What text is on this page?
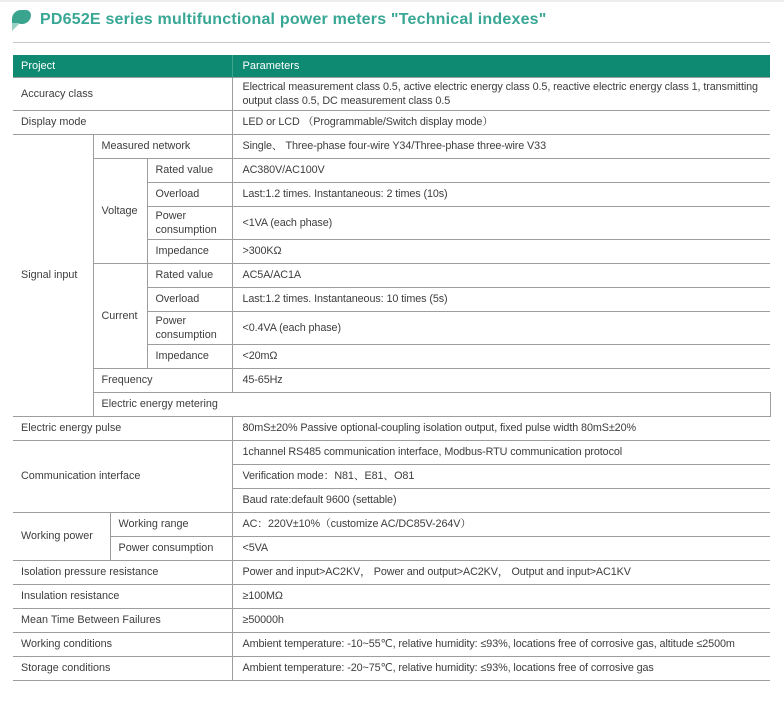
PD652E series multifunctional power meters "Technical indexes"
Project				Parameters	
Accuracy class				Electrical measurement class 0.5, active electric energy class 0.5, reactive electric energy class 1, transmitting output class 0.5, DC measurement class 0.5	
Display mode				LED or LCD （Programmable/Switch display mode）	
Signal input	Measured network			Single、 Three-phase four-wire Y34/Three-phase three-wire V33	
	Voltage		Rated value	AC380V/AC100V	
			Overload	Last:1.2 times. Instantaneous: 2 times (10s)	
			Power consumption	<1VA (each phase)	
			Impedance	>300KΩ	
	Current		Rated value	AC5A/AC1A	
			Overload	Last:1.2 times. Instantaneous: 10 times (5s)	
			Power consumption	<0.4VA (each phase)	
			Impedance	<20mΩ	
	Frequency			45-65Hz	
	Electric energy metering	
Electric energy pulse				80mS±20% Passive optional-coupling isolation output, fixed pulse width 80mS±20%	
Communication interface				1channel RS485 communication interface, Modbus-RTU communication protocol	
				Verification mode：N81、E81、O81	
				Baud rate:default 9600 (settable)	
Working power		Working range		AC：220V±10%（customize AC/DC85V-264V）	
		Power consumption		<5VA	
Isolation pressure resistance				Power and input>AC2KV， Power and output>AC2KV， Output and input>AC1KV	
Insulation resistance				≥100MΩ	
Mean Time Between Failures				≥50000h	
Working conditions				Ambient temperature: -10~55℃, relative humidity: ≤93%, locations free of corrosive gas, altitude ≤2500m	
Storage conditions				Ambient temperature: -20~75℃, relative humidity: ≤93%, locations free of corrosive gas	
